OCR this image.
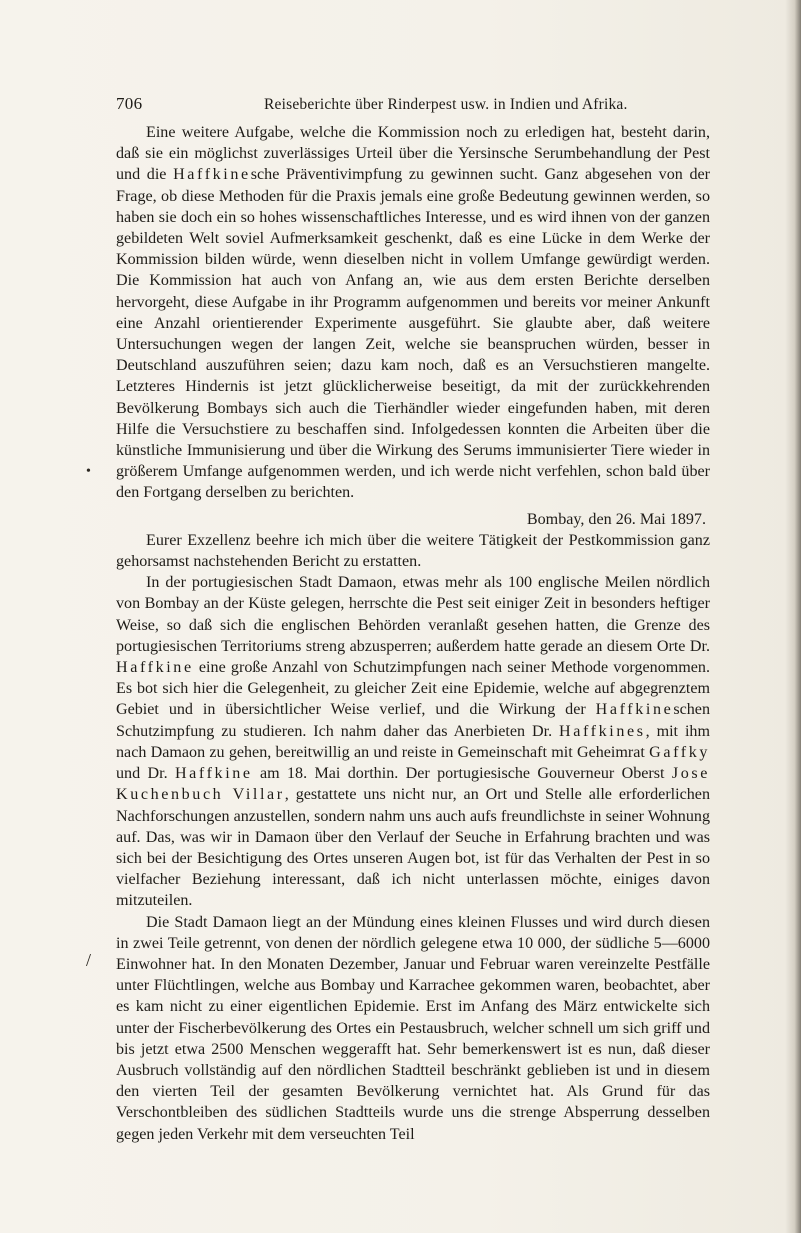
706	Reiseberichte über Rinderpest usw. in Indien und Afrika.

Eine weitere Aufgabe, welche die Kommission noch zu erledigen hat, besteht darin, daß sie ein möglichst zuverlässiges Urteil über die Yersinsche Serumbehandlung der Pest und die Haffkinesche Präventivimpfung zu gewinnen sucht. Ganz abgesehen von der Frage, ob diese Methoden für die Praxis jemals eine große Bedeutung gewinnen werden, so haben sie doch ein so hohes wissenschaftliches Interesse, und es wird ihnen von der ganzen gebildeten Welt soviel Aufmerksamkeit geschenkt, daß es eine Lücke in dem Werke der Kommission bilden würde, wenn dieselben nicht in vollem Umfange gewürdigt werden. Die Kommission hat auch von Anfang an, wie aus dem ersten Berichte derselben hervorgeht, diese Aufgabe in ihr Programm aufgenommen und bereits vor meiner Ankunft eine Anzahl orientierender Experimente ausgeführt. Sie glaubte aber, daß weitere Untersuchungen wegen der langen Zeit, welche sie beanspruchen würden, besser in Deutschland auszuführen seien; dazu kam noch, daß es an Versuchstieren mangelte. Letzteres Hindernis ist jetzt glücklicherweise beseitigt, da mit der zurückkehrenden Bevölkerung Bombays sich auch die Tierhändler wieder eingefunden haben, mit deren Hilfe die Versuchstiere zu beschaffen sind. Infolgedessen konnten die Arbeiten über die künstliche Immunisierung und über die Wirkung des Serums immunisierter Tiere wieder in größerem Umfange aufgenommen werden, und ich werde nicht verfehlen, schon bald über den Fortgang derselben zu berichten.

Bombay, den 26. Mai 1897.

Eurer Exzellenz beehre ich mich über die weitere Tätigkeit der Pestkommission ganz gehorsamst nachstehenden Bericht zu erstatten.

In der portugiesischen Stadt Damaon, etwas mehr als 100 englische Meilen nördlich von Bombay an der Küste gelegen, herrschte die Pest seit einiger Zeit in besonders heftiger Weise, so daß sich die englischen Behörden veranlaßt gesehen hatten, die Grenze des portugiesischen Territoriums streng abzusperren; außerdem hatte gerade an diesem Orte Dr. Haffkine eine große Anzahl von Schutzimpfungen nach seiner Methode vorgenommen. Es bot sich hier die Gelegenheit, zu gleicher Zeit eine Epidemie, welche auf abgegrenztem Gebiet und in übersichtlicher Weise verlief, und die Wirkung der Haffkineschen Schutzimpfung zu studieren. Ich nahm daher das Anerbieten Dr. Haffkines, mit ihm nach Damaon zu gehen, bereitwillig an und reiste in Gemeinschaft mit Geheimrat Gaffky und Dr. Haffkine am 18. Mai dorthin. Der portugiesische Gouverneur Oberst Jose Kuchenbuch Villar, gestattete uns nicht nur, an Ort und Stelle alle erforderlichen Nachforschungen anzustellen, sondern nahm uns auch aufs freundlichste in seiner Wohnung auf. Das, was wir in Damaon über den Verlauf der Seuche in Erfahrung brachten und was sich bei der Besichtigung des Ortes unseren Augen bot, ist für das Verhalten der Pest in so vielfacher Beziehung interessant, daß ich nicht unterlassen möchte, einiges davon mitzuteilen.

Die Stadt Damaon liegt an der Mündung eines kleinen Flusses und wird durch diesen in zwei Teile getrennt, von denen der nördlich gelegene etwa 10 000, der südliche 5—6000 Einwohner hat. In den Monaten Dezember, Januar und Februar waren vereinzelte Pestfälle unter Flüchtlingen, welche aus Bombay und Karrachee gekommen waren, beobachtet, aber es kam nicht zu einer eigentlichen Epidemie. Erst im Anfang des März entwickelte sich unter der Fischerbevölkerung des Ortes ein Pestausbruch, welcher schnell um sich griff und bis jetzt etwa 2500 Menschen weggerafft hat. Sehr bemerkenswert ist es nun, daß dieser Ausbruch vollständig auf den nördlichen Stadtteil beschränkt geblieben ist und in diesem den vierten Teil der gesamten Bevölkerung vernichtet hat. Als Grund für das Verschontbleiben des südlichen Stadtteils wurde uns die strenge Absperrung desselben gegen jeden Verkehr mit dem verseuchten Teil

•
/
